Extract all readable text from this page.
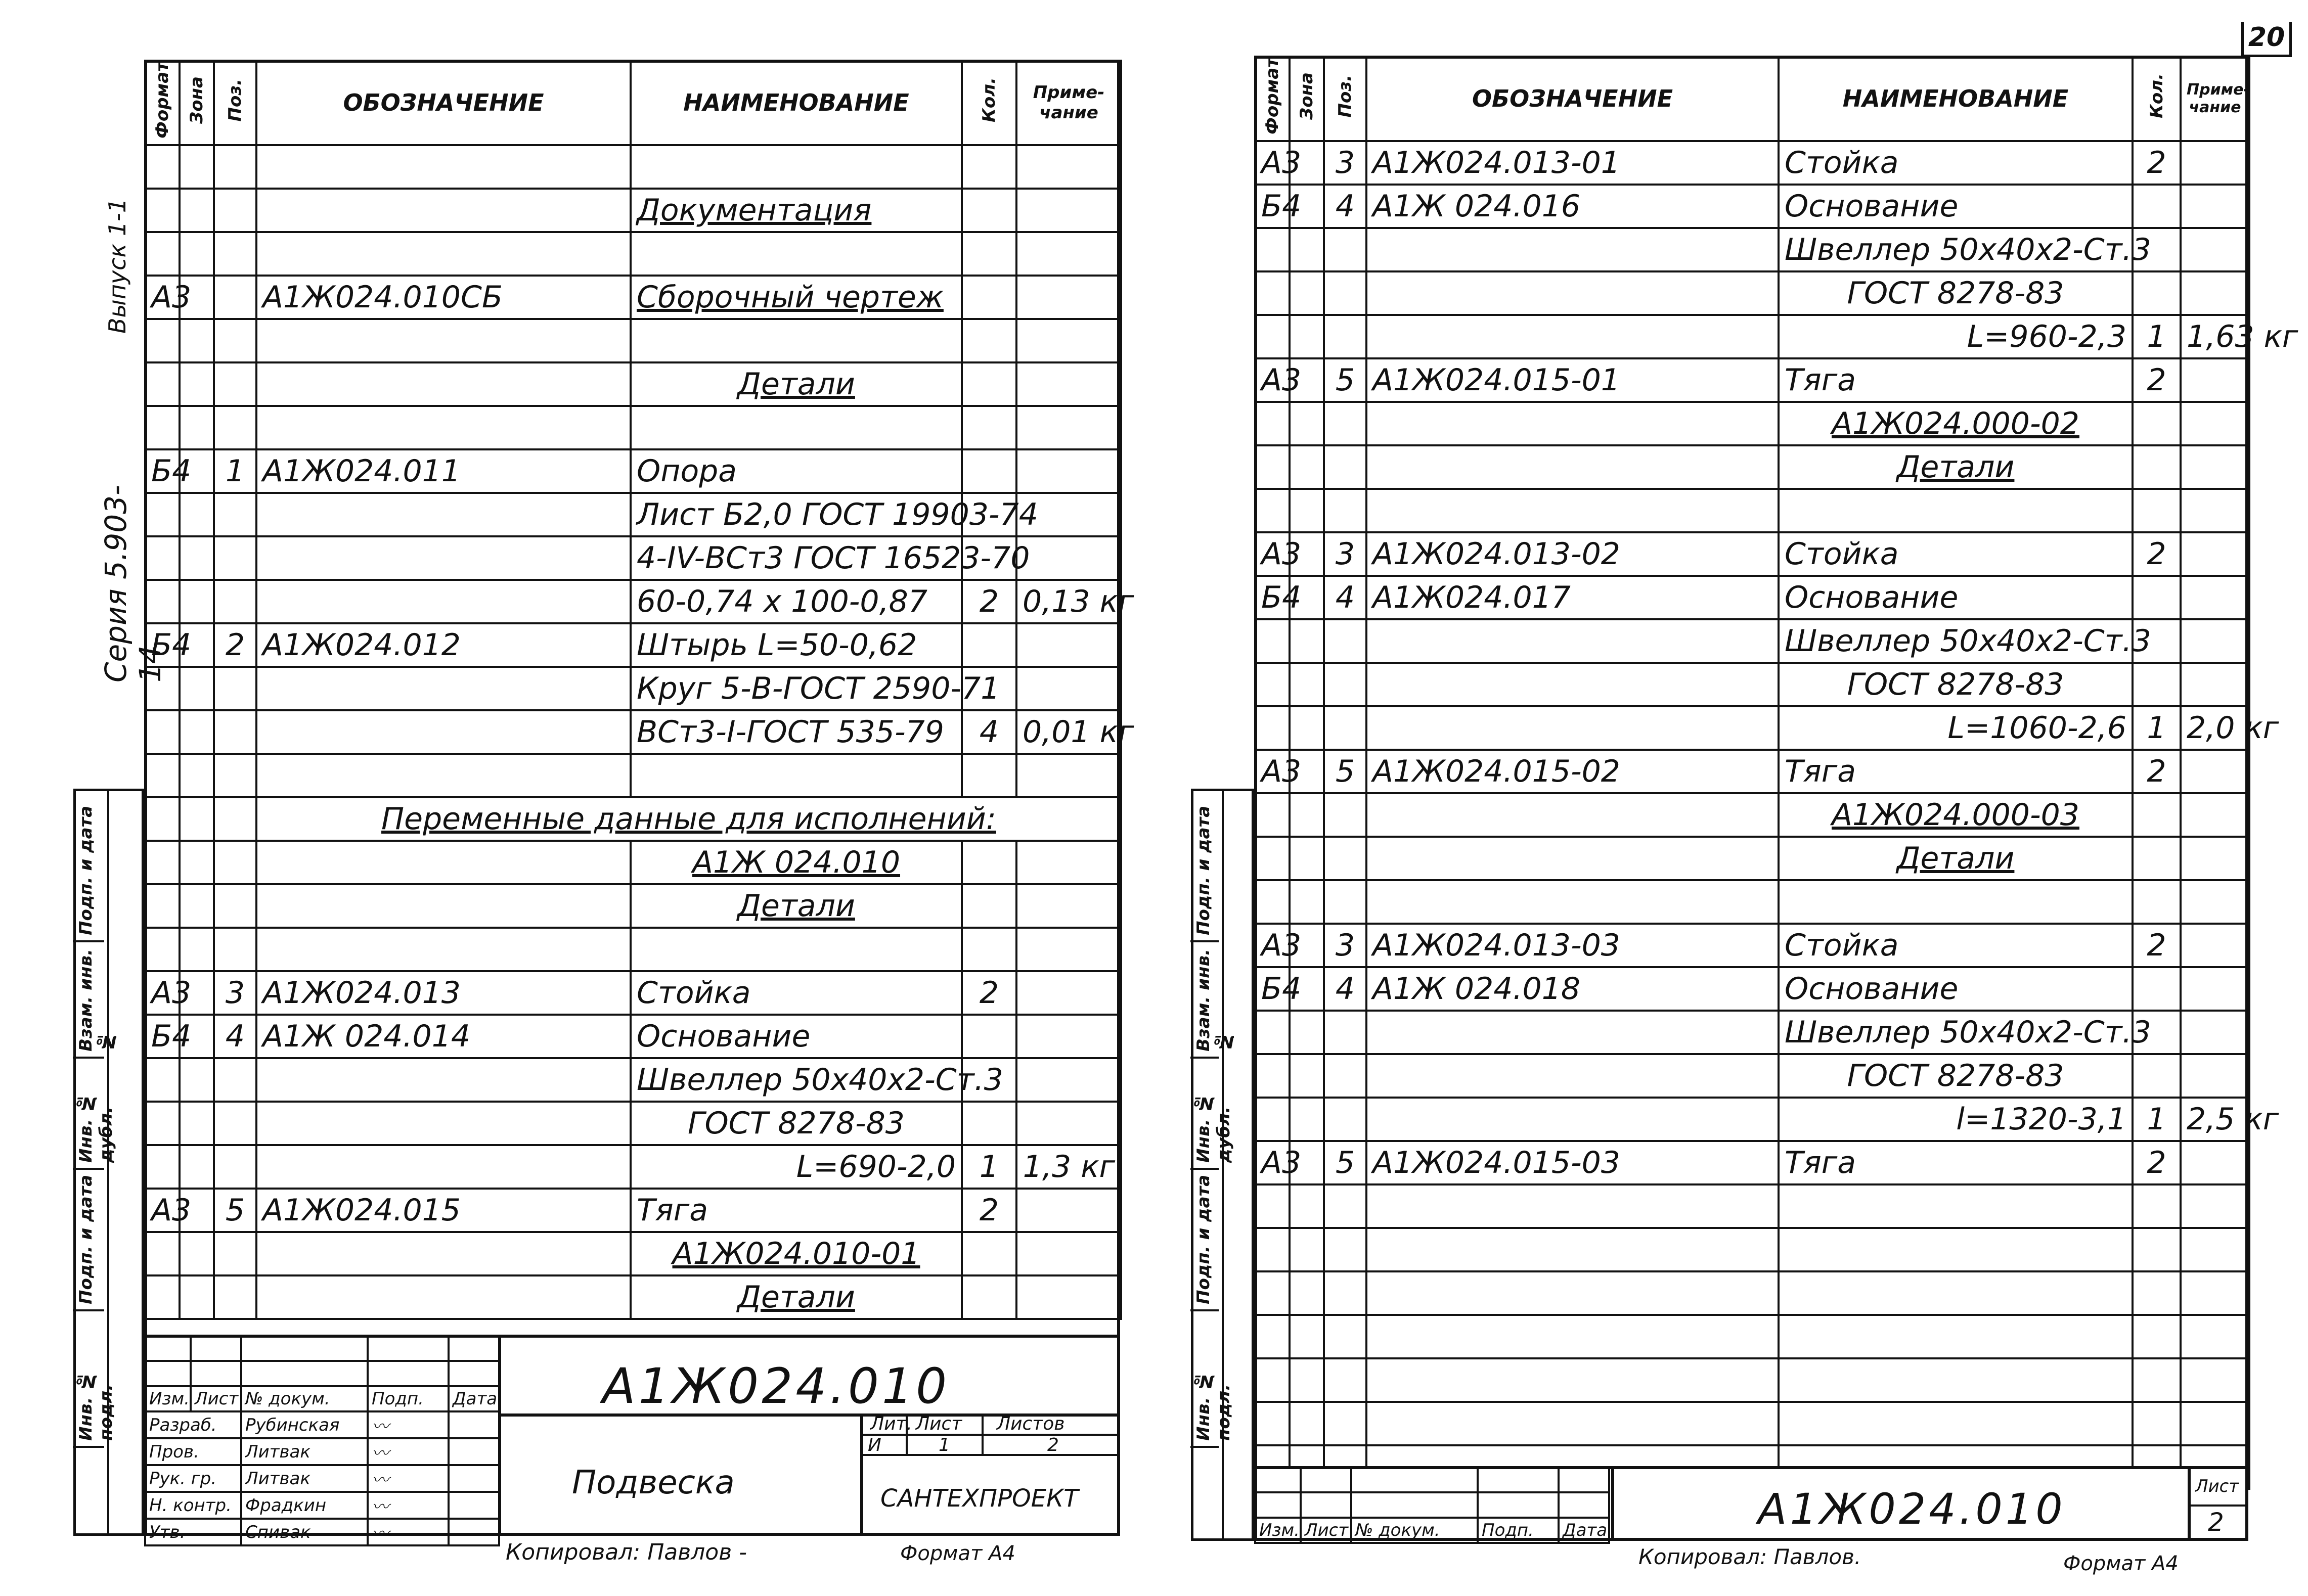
20
Выпуск 1-1
Серия 5.903-14
Подп. и дата
Взам. инв. №
Инв. № дубл.
Подп. и дата
Инв. № подл.
Формат	Зона	Поз.	ОБОЗНАЧЕНИЕ	НАИМЕНОВАНИЕ	Кол.	Приме-чание

				Документация		

А3			А1Ж024.010СБ	Сборочный чертеж		

				Детали		

Б4		1	А1Ж024.011	Опора		
				Лист Б2,0 ГОСТ 19903-74		
				4-IV-ВСт3 ГОСТ 16523-70		
				60-0,74 x 100-0,87	2	0,13 кг
Б4		2	А1Ж024.012	Штырь L=50-0,62		
				Круг 5-В-ГОСТ 2590-71		
				ВСт3-I-ГОСТ 535-79	4	0,01 кг

			Переменные данные для исполнений:			
				А1Ж 024.010		
				Детали		

А3		3	А1Ж024.013	Стойка	2	
Б4		4	А1Ж 024.014	Основание		
				Швеллер 50x40x2-Ст.3		
				ГОСТ 8278-83		
				L=690-2,0	1	1,3 кг
А3		5	А1Ж024.015	Тяга	2	
				А1Ж024.010-01		
				Детали		
А1Ж024.010
Подвеска
Лит. Лист Листов
И	1	2
САНТЕХПРОЕКТ

Изм.	Лист	№ докум.	Подп.	Дата
Разраб.		Рубинская	〰	
Пров.		Литвак	〰	
Рук. гр.		Литвак	〰	
Н. контр.		Фрадкин	〰	
Утв.		Спивак	〰	
Копировал: Павлов -	Формат А4
Подп. и дата
Взам. инв. №
Инв. № дубл.
Подп. и дата
Инв. № подл.
Формат	Зона	Поз.	ОБОЗНАЧЕНИЕ	НАИМЕНОВАНИЕ	Кол.	Приме-чание
А3		3	А1Ж024.013-01	Стойка	2	
Б4		4	А1Ж 024.016	Основание		
				Швеллер 50x40x2-Ст.3		
				ГОСТ 8278-83		
				L=960-2,3	1	1,63 кг
А3		5	А1Ж024.015-01	Тяга	2	
				А1Ж024.000-02		
				Детали		

А3		3	А1Ж024.013-02	Стойка	2	
Б4		4	А1Ж024.017	Основание		
				Швеллер 50x40x2-Ст.3		
				ГОСТ 8278-83		
				L=1060-2,6	1	2,0 кг
А3		5	А1Ж024.015-02	Тяга	2	
				А1Ж024.000-03		
				Детали		

А3		3	А1Ж024.013-03	Стойка	2	
Б4		4	А1Ж 024.018	Основание		
				Швеллер 50x40x2-Ст.3		
				ГОСТ 8278-83		
				l=1320-3,1	1	2,5 кг
А3		5	А1Ж024.015-03	Тяга	2	

А1Ж024.010	Лист
2

Изм.	Лист	№ докум.	Подп.	Дата
Копировал: Павлов.	Формат А4
